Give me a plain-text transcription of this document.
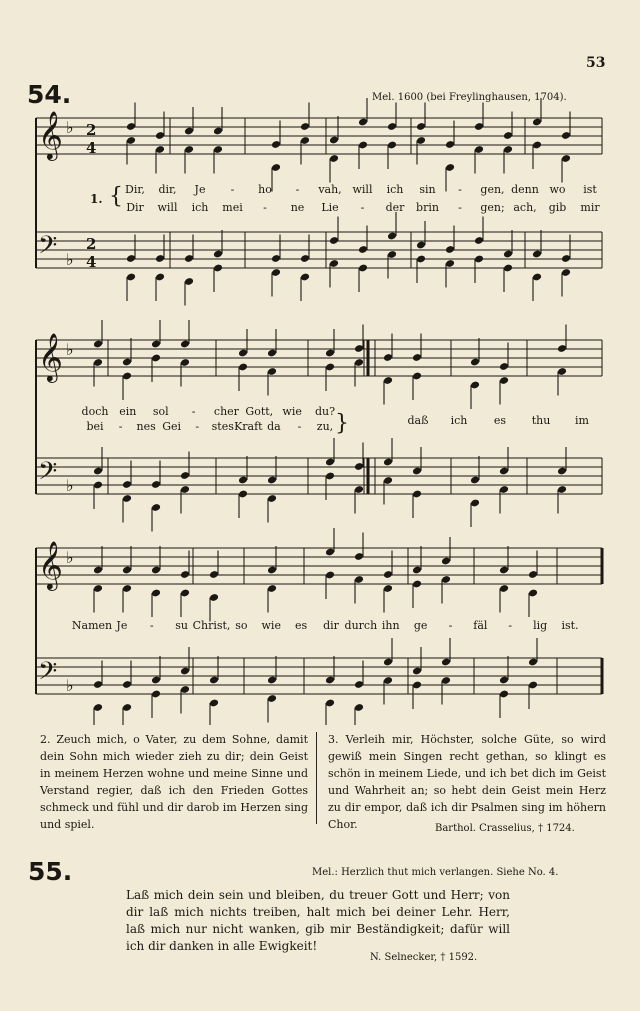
53
54.	Mel. 1600 (bei Freylinghausen, 1704).
𝄞 ♭ 2
4
𝄢 ♭
2
4
𝄞 ♭
𝄢 ♭
𝄞 ♭
𝄢 ♭
1. { Dir, dir, Je - ho - vah, will ich sin - gen, denn wo ist
Dir will ich mei - ne Lie - der brin - gen; ach, gib mir
doch ein sol - cher Gott, wie du?
bei - nes Gei - stes Kraft da - zu, }	daß ich es thu im
Namen Je - su Christ, so wie es dir durch ihn ge - fäl - lig ist.
2. Zeuch mich, o Vater, zu dem Sohne, damit dein Sohn mich wieder zieh zu dir; dein Geist in meinem Herzen wohne und meine Sinne und Verstand regier, daß ich den Frieden Gottes schmeck und fühl und dir darob im Herzen sing und spiel.
3. Verleih mir, Höchster, solche Güte, so wird gewiß mein Singen recht gethan, so klingt es schön in meinem Liede, und ich bet dich im Geist und Wahrheit an; so hebt dein Geist mein Herz zu dir empor, daß ich dir Psalmen sing im höhern Chor.	Barthol. Crasselius, † 1724.
55.	Mel.: Herzlich thut mich verlangen. Siehe No. 4.
Laß mich dein sein und bleiben, du treuer Gott und Herr; von dir laß mich nichts treiben, halt mich bei deiner Lehr. Herr, laß mich nur nicht wanken, gib mir Beständigkeit; dafür will ich dir danken in alle Ewigkeit!
N. Selnecker, † 1592.
